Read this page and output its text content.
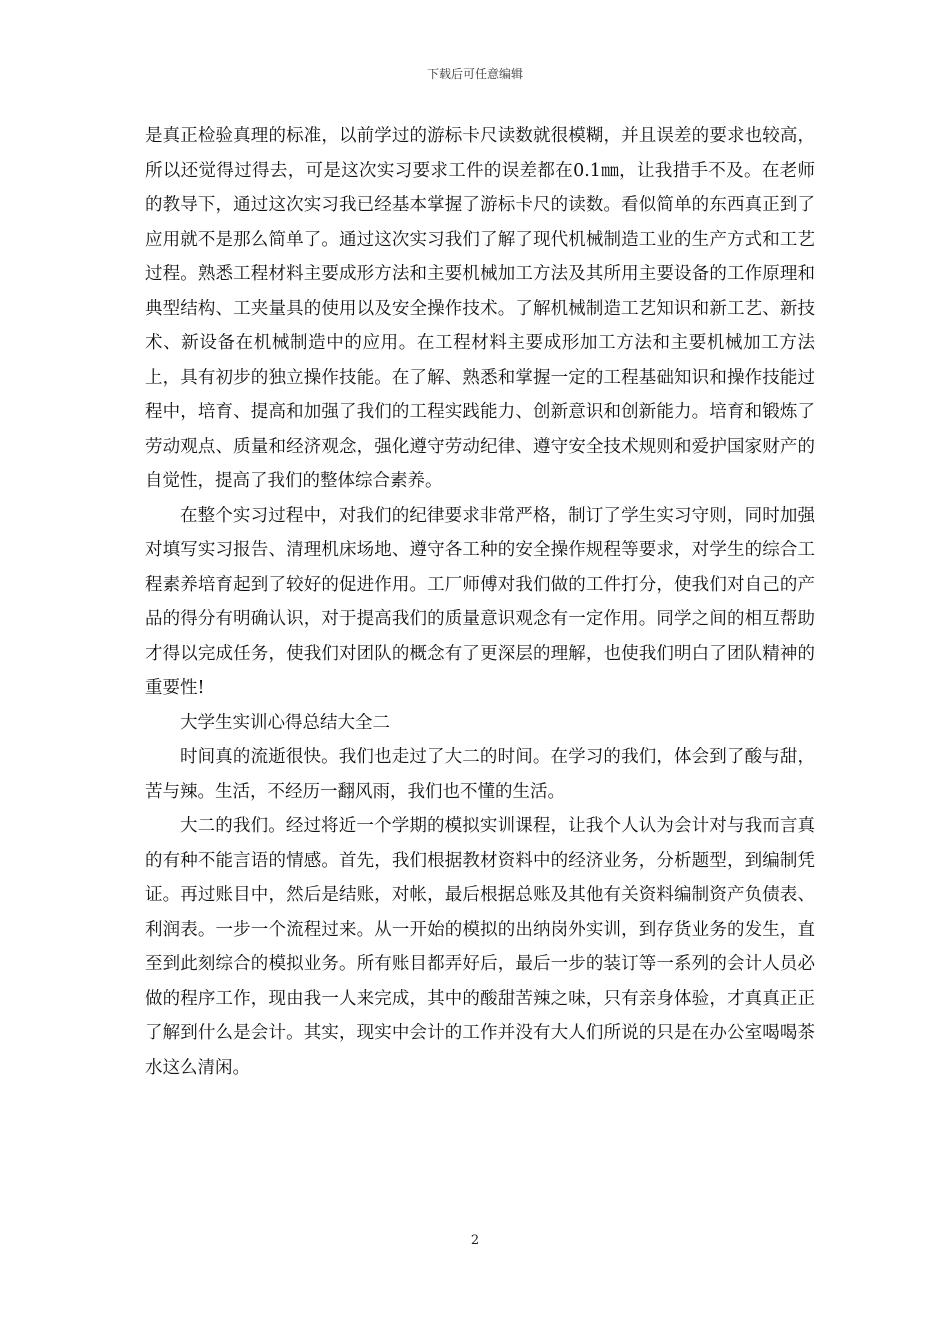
下载后可任意编辑

是真正检验真理的标准，以前学过的游标卡尺读数就很模糊，并且误差的要求也较高，所以还觉得过得去，可是这次实习要求工件的误差都在0.1㎜，让我措手不及。在老师的教导下，通过这次实习我已经基本掌握了游标卡尺的读数。看似简单的东西真正到了应用就不是那么简单了。通过这次实习我们了解了现代机械制造工业的生产方式和工艺过程。熟悉工程材料主要成形方法和主要机械加工方法及其所用主要设备的工作原理和典型结构、工夹量具的使用以及安全操作技术。了解机械制造工艺知识和新工艺、新技术、新设备在机械制造中的应用。在工程材料主要成形加工方法和主要机械加工方法上，具有初步的独立操作技能。在了解、熟悉和掌握一定的工程基础知识和操作技能过程中，培育、提高和加强了我们的工程实践能力、创新意识和创新能力。培育和锻炼了劳动观点、质量和经济观念，强化遵守劳动纪律、遵守安全技术规则和爱护国家财产的自觉性，提高了我们的整体综合素养。

在整个实习过程中，对我们的纪律要求非常严格，制订了学生实习守则，同时加强对填写实习报告、清理机床场地、遵守各工种的安全操作规程等要求，对学生的综合工程素养培育起到了较好的促进作用。工厂师傅对我们做的工件打分，使我们对自己的产品的得分有明确认识，对于提高我们的质量意识观念有一定作用。同学之间的相互帮助才得以完成任务，使我们对团队的概念有了更深层的理解，也使我们明白了团队精神的重要性!

大学生实训心得总结大全二

时间真的流逝很快。我们也走过了大二的时间。在学习的我们，体会到了酸与甜，苦与辣。生活，不经历一翻风雨，我们也不懂的生活。

大二的我们。经过将近一个学期的模拟实训课程，让我个人认为会计对与我而言真的有种不能言语的情感。首先，我们根据教材资料中的经济业务，分析题型，到编制凭证。再过账目中，然后是结账，对帐，最后根据总账及其他有关资料编制资产负债表、利润表。一步一个流程过来。从一开始的模拟的出纳岗外实训，到存货业务的发生，直至到此刻综合的模拟业务。所有账目都弄好后，最后一步的装订等一系列的会计人员必做的程序工作，现由我一人来完成，其中的酸甜苦辣之味，只有亲身体验，才真真正正了解到什么是会计。其实，现实中会计的工作并没有大人们所说的只是在办公室喝喝茶水这么清闲。

2
